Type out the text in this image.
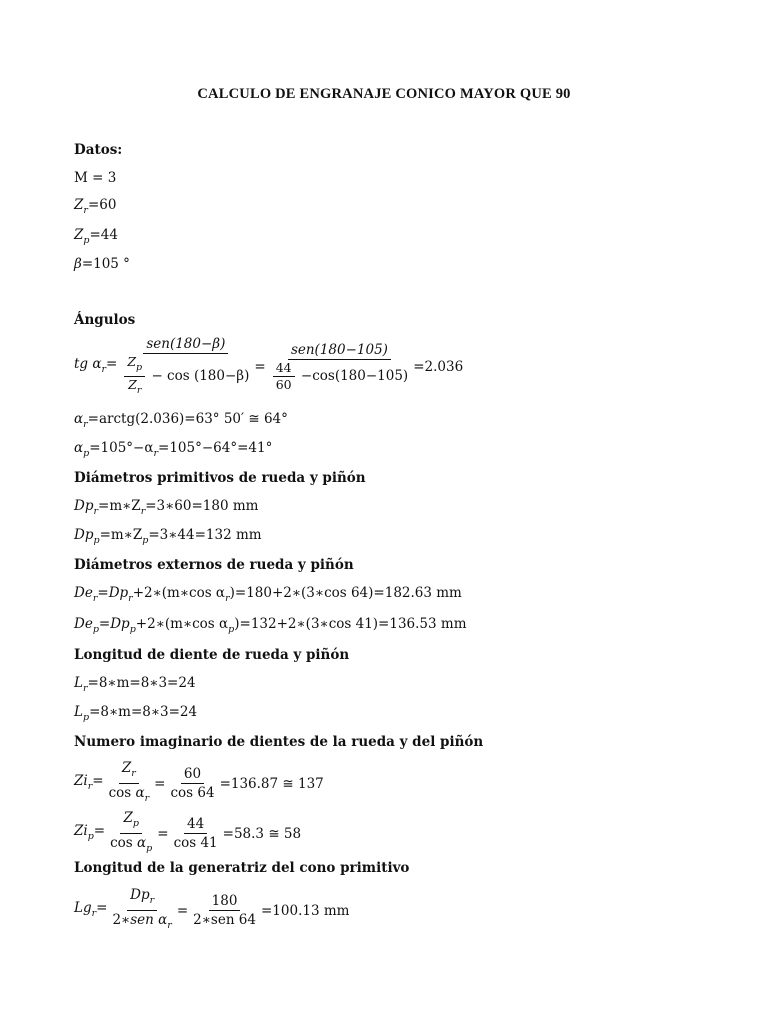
CALCULO DE ENGRANAJE CONICO MAYOR QUE 90
Datos:
M = 3
$Z_r=60$
$Z_p=44$
β=105 °
Ángulos
tg $\alpha_r= \frac{\text{sen(180−β)}}{\frac{Z_p}{Z_r} - \cos (180-\beta)} = \frac{\text{sen(180−105)}}{\frac{44}{60} -\cos(180-105)} =2.036$
$\alpha_r=arctg(2.036)=63^\circ$ 50′ ≅ 64°
$\alpha_p=105^\circ-\alpha_r=105^\circ-64^\circ=41^\circ$
Diámetros primitivos de rueda y piñón
$Dp_r=m∗Z_r=3∗60=180$ mm
$Dp_p=m∗Z_p=3∗44=132$ mm
Diámetros externos de rueda y piñón
$De_r=Dp_r+2∗(m∗\cos$ $\alpha_r)=180+2∗(3∗\cos$ 64)=182.63 mm
$De_p=Dp_p+2∗(m∗\cos$ $\alpha_p)=132+2∗(3∗\cos$ 41)=136.53 mm
Longitud de diente de rueda y piñón
$L_r=8∗m=8∗3=24$
$L_p=8∗m=8∗3=24$
Numero imaginario de dientes de la rueda y del piñón
$Zi_r= \frac{Z_r}{\cos \alpha_r} = \frac{60}{\cos 64} =136.87$ ≅ 137
$Zi_p= \frac{Z_p}{\cos \alpha_p} = \frac{44}{\cos 41} =58.3$ ≅ 58
Longitud de la generatriz del cono primitivo
$Lg_r= \frac{Dp_r}{2∗sen \alpha_r} = \frac{180}{\text{2∗sen 64}} =100.13$ mm
